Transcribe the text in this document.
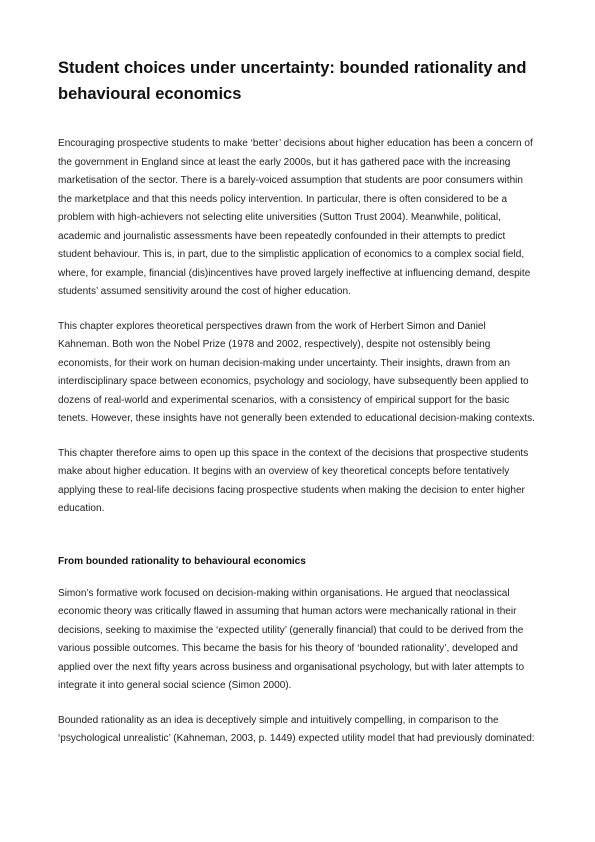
Student choices under uncertainty: bounded rationality and behavioural economics

Encouraging prospective students to make ‘better’ decisions about higher education has been a concern of the government in England since at least the early 2000s, but it has gathered pace with the increasing marketisation of the sector. There is a barely-voiced assumption that students are poor consumers within the marketplace and that this needs policy intervention. In particular, there is often considered to be a problem with high-achievers not selecting elite universities (Sutton Trust 2004). Meanwhile, political, academic and journalistic assessments have been repeatedly confounded in their attempts to predict student behaviour. This is, in part, due to the simplistic application of economics to a complex social field, where, for example, financial (dis)incentives have proved largely ineffective at influencing demand, despite students’ assumed sensitivity around the cost of higher education.

This chapter explores theoretical perspectives drawn from the work of Herbert Simon and Daniel Kahneman. Both won the Nobel Prize (1978 and 2002, respectively), despite not ostensibly being economists, for their work on human decision-making under uncertainty. Their insights, drawn from an interdisciplinary space between economics, psychology and sociology, have subsequently been applied to dozens of real-world and experimental scenarios, with a consistency of empirical support for the basic tenets. However, these insights have not generally been extended to educational decision-making contexts.

This chapter therefore aims to open up this space in the context of the decisions that prospective students make about higher education. It begins with an overview of key theoretical concepts before tentatively applying these to real-life decisions facing prospective students when making the decision to enter higher education.

From bounded rationality to behavioural economics

Simon’s formative work focused on decision-making within organisations. He argued that neoclassical economic theory was critically flawed in assuming that human actors were mechanically rational in their decisions, seeking to maximise the ‘expected utility’ (generally financial) that could to be derived from the various possible outcomes. This became the basis for his theory of ‘bounded rationality’, developed and applied over the next fifty years across business and organisational psychology, but with later attempts to integrate it into general social science (Simon 2000).

Bounded rationality as an idea is deceptively simple and intuitively compelling, in comparison to the ‘psychological unrealistic’ (Kahneman, 2003, p. 1449) expected utility model that had previously dominated:
